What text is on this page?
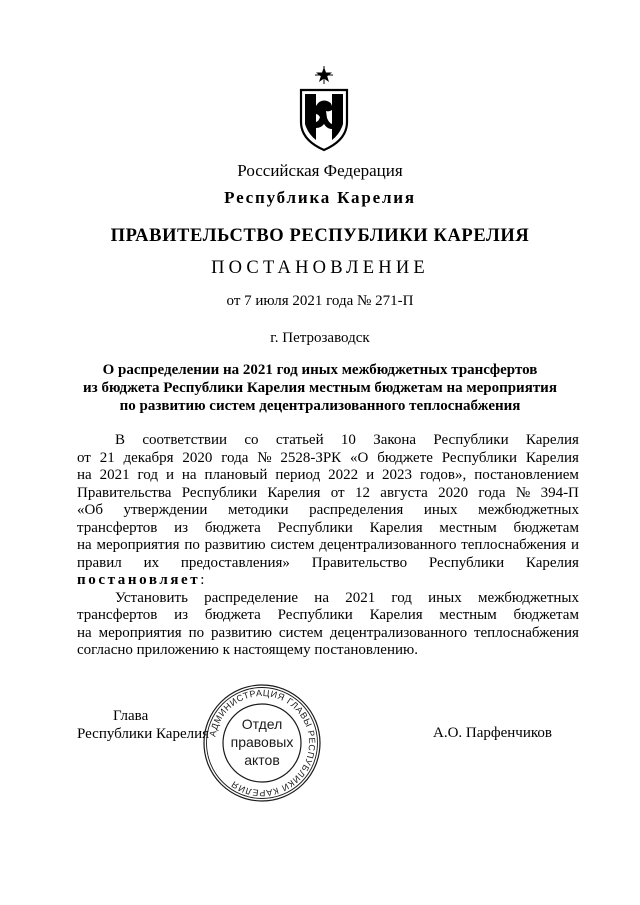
Российская Федерация
Республика Карелия
ПРАВИТЕЛЬСТВО РЕСПУБЛИКИ КАРЕЛИЯ
ПОСТАНОВЛЕНИЕ
от 7 июля 2021 года № 271-П
г. Петрозаводск
О распределении на 2021 год иных межбюджетных трансфертов
из бюджета Республики Карелия местным бюджетам на мероприятия
по развитию систем децентрализованного теплоснабжения
В соответствии со статьей 10 Закона Республики Карелия
от 21 декабря 2020 года № 2528-ЗРК «О бюджете Республики Карелия
на 2021 год и на плановый период 2022 и 2023 годов», постановлением
Правительства Республики Карелия от 12 августа 2020 года № 394-П
«Об утверждении методики распределения иных межбюджетных
трансфертов из бюджета Республики Карелия местным бюджетам
на мероприятия по развитию систем децентрализованного теплоснабжения и
правил их предоставления» Правительство Республики Карелия
постановляет:
Установить распределение на 2021 год иных межбюджетных
трансфертов из бюджета Республики Карелия местным бюджетам
на мероприятия по развитию систем децентрализованного теплоснабжения
согласно приложению к настоящему постановлению.
Глава
Республики Карелия	А.О. Парфенчиков
АДМИНИСТРАЦИЯ ГЛАВЫ РЕСПУБЛИКИ КАРЕЛИЯ
Отдел
правовых
актов
